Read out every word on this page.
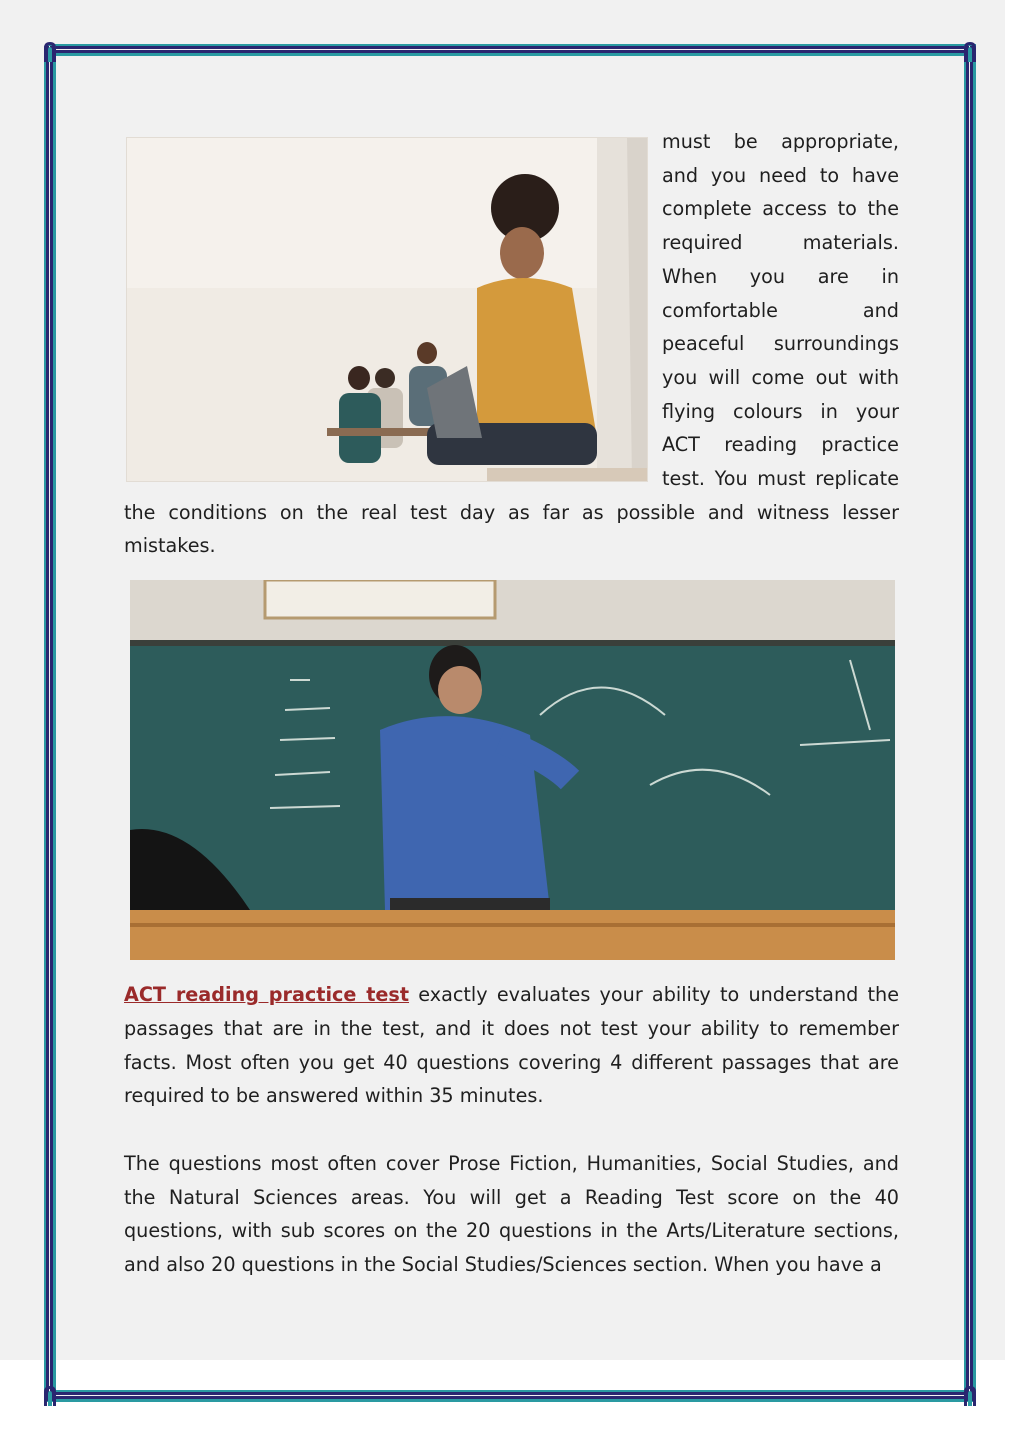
must be appropriate, and you need to have complete access to the required materials. When you are in comfortable and peaceful surroundings you will come out with flying colours in your ACT reading practice test. You must replicate the conditions on the real test day as far as possible and witness lesser mistakes.

ACT reading practice test exactly evaluates your ability to understand the passages that are in the test, and it does not test your ability to remember facts. Most often you get 40 questions covering 4 different passages that are required to be answered within 35 minutes.

The questions most often cover Prose Fiction, Humanities, Social Studies, and the Natural Sciences areas. You will get a Reading Test score on the 40 questions, with sub scores on the 20 questions in the Arts/Literature sections, and also 20 questions in the Social Studies/Sciences section. When you have a
